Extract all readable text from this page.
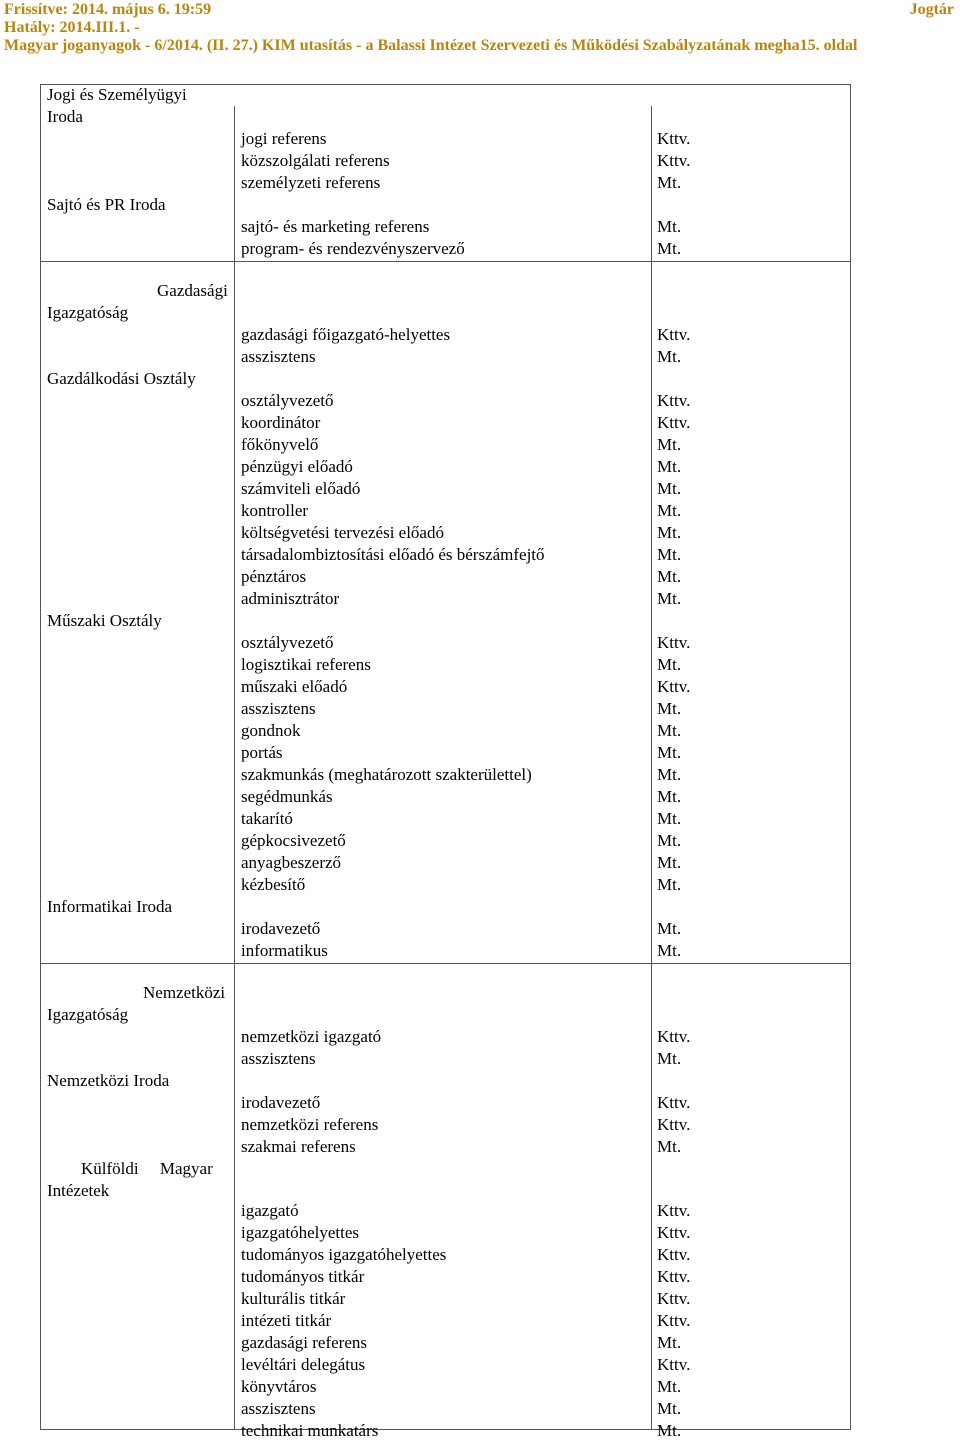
Frissítve: 2014. május 6. 19:59
Hatály: 2014.III.1. -
Magyar joganyagok - 6/2014. (II. 27.) KIM utasítás - a Balassi Intézet Szervezeti és Működési Szabályzatának megha15. oldal
Jogtár
Jogi és Személyügyi
Iroda
jogi referens	Kttv.
közszolgálati referens	Kttv.
személyzeti referens	Mt.
Sajtó és PR Iroda
sajtó- és marketing referens	Mt.
program- és rendezvényszervező	Mt.
Gazdasági
Igazgatóság
gazdasági főigazgató-helyettes	Kttv.
asszisztens	Mt.
Gazdálkodási Osztály
osztályvezető	Kttv.
koordinátor	Kttv.
főkönyvelő	Mt.
pénzügyi előadó	Mt.
számviteli előadó	Mt.
kontroller	Mt.
költségvetési tervezési előadó	Mt.
társadalombiztosítási előadó és bérszámfejtő	Mt.
pénztáros	Mt.
adminisztrátor	Mt.
Műszaki Osztály
osztályvezető	Kttv.
logisztikai referens	Mt.
műszaki előadó	Kttv.
asszisztens	Mt.
gondnok	Mt.
portás	Mt.
szakmunkás (meghatározott szakterülettel)	Mt.
segédmunkás	Mt.
takarító	Mt.
gépkocsivezető	Mt.
anyagbeszerző	Mt.
kézbesítő	Mt.
Informatikai Iroda
irodavezető	Mt.
informatikus	Mt.
Nemzetközi
Igazgatóság
nemzetközi igazgató	Kttv.
asszisztens	Mt.
Nemzetközi Iroda
irodavezető	Kttv.
nemzetközi referens	Kttv.
szakmai referens	Mt.
Külföldi     Magyar
Intézetek
igazgató	Kttv.
igazgatóhelyettes	Kttv.
tudományos igazgatóhelyettes	Kttv.
tudományos titkár	Kttv.
kulturális titkár	Kttv.
intézeti titkár	Kttv.
gazdasági referens	Mt.
levéltári delegátus	Kttv.
könyvtáros	Mt.
asszisztens	Mt.
technikai munkatárs	Mt.
